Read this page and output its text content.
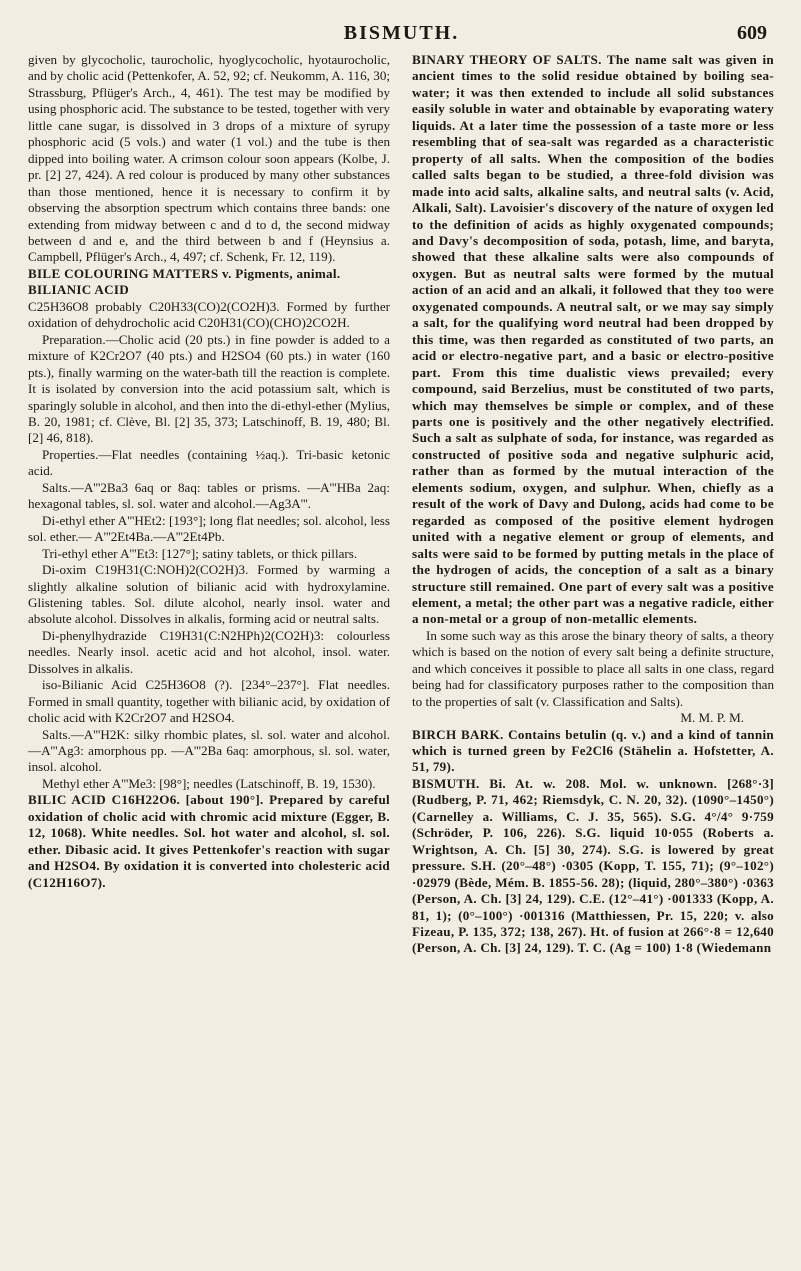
BISMUTH.	609

given by glycocholic, taurocholic, hyoglycocholic, hyotaurocholic, and by cholic acid (Pettenkofer, A. 52, 92; cf. Neukomm, A. 116, 30; Strassburg, Pflüger's Arch., 4, 461). The test may be modified by using phosphoric acid. The substance to be tested, together with very little cane sugar, is dissolved in 3 drops of a mixture of syrupy phosphoric acid (5 vols.) and water (1 vol.) and the tube is then dipped into boiling water. A crimson colour soon appears (Kolbe, J. pr. [2] 27, 424). A red colour is produced by many other substances than those mentioned, hence it is necessary to confirm it by observing the absorption spectrum which contains three bands: one extending from midway between c and d to d, the second midway between d and e, and the third between b and f (Heynsius a. Campbell, Pflüger's Arch., 4, 497; cf. Schenk, Fr. 12, 119).

BILE COLOURING MATTERS v. Pigments, animal.

BILIANIC ACID

C25H36O8 probably C20H33(CO)2(CO2H)3. Formed by further oxidation of dehydrocholic acid C20H31(CO)(CHO)2CO2H.

Preparation.—Cholic acid (20 pts.) in fine powder is added to a mixture of K2Cr2O7 (40 pts.) and H2SO4 (60 pts.) in water (160 pts.), finally warming on the water-bath till the reaction is complete. It is isolated by conversion into the acid potassium salt, which is sparingly soluble in alcohol, and then into the di-ethyl-ether (Mylius, B. 20, 1981; cf. Clève, Bl. [2] 35, 373; Latschinoff, B. 19, 480; Bl. [2] 46, 818).

Properties.—Flat needles (containing ½aq.). Tri-basic ketonic acid.

Salts.—A'''2Ba3 6aq or 8aq: tables or prisms. —A'''HBa 2aq: hexagonal tables, sl. sol. water and alcohol.—Ag3A'''.

Di-ethyl ether A'''HEt2: [193°]; long flat needles; sol. alcohol, less sol. ether.— A'''2Et4Ba.—A'''2Et4Pb.

Tri-ethyl ether A'''Et3: [127°]; satiny tablets, or thick pillars.

Di-oxim C19H31(C:NOH)2(CO2H)3. Formed by warming a slightly alkaline solution of bilianic acid with hydroxylamine. Glistening tables. Sol. dilute alcohol, nearly insol. water and absolute alcohol. Dissolves in alkalis, forming acid or neutral salts.

Di-phenylhydrazide C19H31(C:N2HPh)2(CO2H)3: colourless needles. Nearly insol. acetic acid and hot alcohol, insol. water. Dissolves in alkalis.

iso-Bilianic Acid C25H36O8 (?). [234°–237°]. Flat needles. Formed in small quantity, together with bilianic acid, by oxidation of cholic acid with K2Cr2O7 and H2SO4.

Salts.—A'''H2K: silky rhombic plates, sl. sol. water and alcohol.—A'''Ag3: amorphous pp. —A'''2Ba 6aq: amorphous, sl. sol. water, insol. alcohol.

Methyl ether A'''Me3: [98°]; needles (Latschinoff, B. 19, 1530).

BILIC ACID C16H22O6. [about 190°]. Prepared by careful oxidation of cholic acid with chromic acid mixture (Egger, B. 12, 1068). White needles. Sol. hot water and alcohol, sl. sol. ether. Dibasic acid. It gives Pettenkofer's reaction with sugar and H2SO4. By oxidation it is converted into cholesteric acid (C12H16O7).

BINARY THEORY OF SALTS. The name salt was given in ancient times to the solid residue obtained by boiling sea-water; it was then extended to include all solid substances easily soluble in water and obtainable by evaporating watery liquids. At a later time the possession of a taste more or less resembling that of sea-salt was regarded as a characteristic property of all salts. When the composition of the bodies called salts began to be studied, a three-fold division was made into acid salts, alkaline salts, and neutral salts (v. Acid, Alkali, Salt). Lavoisier's discovery of the nature of oxygen led to the definition of acids as highly oxygenated compounds; and Davy's decomposition of soda, potash, lime, and baryta, showed that these alkaline salts were also compounds of oxygen. But as neutral salts were formed by the mutual action of an acid and an alkali, it followed that they too were oxygenated compounds. A neutral salt, or we may say simply a salt, for the qualifying word neutral had been dropped by this time, was then regarded as constituted of two parts, an acid or electro-negative part, and a basic or electro-positive part. From this time dualistic views prevailed; every compound, said Berzelius, must be constituted of two parts, which may themselves be simple or complex, and of these parts one is positively and the other negatively electrified. Such a salt as sulphate of soda, for instance, was regarded as constructed of positive soda and negative sulphuric acid, rather than as formed by the mutual interaction of the elements sodium, oxygen, and sulphur. When, chiefly as a result of the work of Davy and Dulong, acids had come to be regarded as composed of the positive element hydrogen united with a negative element or group of elements, and salts were said to be formed by putting metals in the place of the hydrogen of acids, the conception of a salt as a binary structure still remained. One part of every salt was a positive element, a metal; the other part was a negative radicle, either a non-metal or a group of non-metallic elements.

In some such way as this arose the binary theory of salts, a theory which is based on the notion of every salt being a definite structure, and which conceives it possible to place all salts in one class, regard being had for classificatory purposes rather to the composition than to the properties of salt (v. Classification and Salts).

M. M. P. M.

BIRCH BARK. Contains betulin (q. v.) and a kind of tannin which is turned green by Fe2Cl6 (Stähelin a. Hofstetter, A. 51, 79).

BISMUTH. Bi. At. w. 208. Mol. w. unknown. [268°·3] (Rudberg, P. 71, 462; Riemsdyk, C. N. 20, 32). (1090°–1450°) (Carnelley a. Williams, C. J. 35, 565). S.G. 4°/4° 9·759 (Schröder, P. 106, 226). S.G. liquid 10·055 (Roberts a. Wrightson, A. Ch. [5] 30, 274). S.G. is lowered by great pressure. S.H. (20°–48°) ·0305 (Kopp, T. 155, 71); (9°–102°) ·02979 (Bède, Mém. B. 1855-56. 28); (liquid, 280°–380°) ·0363 (Person, A. Ch. [3] 24, 129). C.E. (12°–41°) ·001333 (Kopp, A. 81, 1); (0°–100°) ·001316 (Matthiessen, Pr. 15, 220; v. also Fizeau, P. 135, 372; 138, 267). Ht. of fusion at 266°·8 = 12,640 (Person, A. Ch. [3] 24, 129). T. C. (Ag = 100) 1·8 (Wiedemann
